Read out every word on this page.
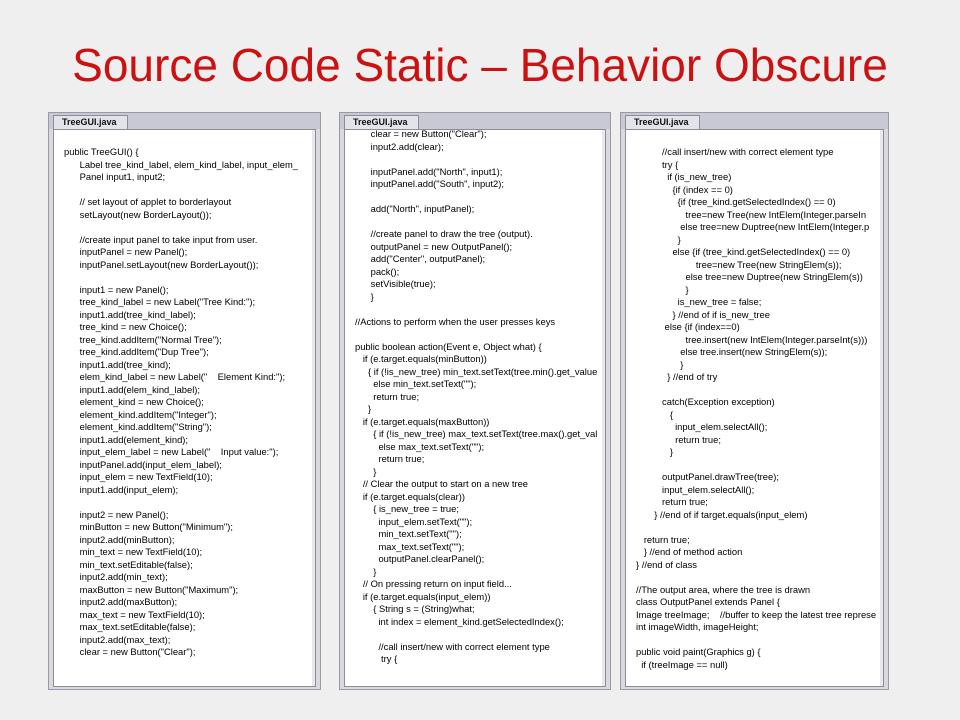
Source Code Static – Behavior Obscure
TreeGUI.java
public TreeGUI() {
Label tree_kind_label, elem_kind_label, input_elem_
Panel input1, input2;

// set layout of applet to borderlayout
setLayout(new BorderLayout());

//create input panel to take input from user.
inputPanel = new Panel();
inputPanel.setLayout(new BorderLayout());

input1 = new Panel();
tree_kind_label = new Label("Tree Kind:");
input1.add(tree_kind_label);
tree_kind = new Choice();
tree_kind.addItem("Normal Tree");
tree_kind.addItem("Dup Tree");
input1.add(tree_kind);
elem_kind_label = new Label("    Element Kind:");
input1.add(elem_kind_label);
element_kind = new Choice();
element_kind.addItem("Integer");
element_kind.addItem("String");
input1.add(element_kind);
input_elem_label = new Label("    Input value:");
inputPanel.add(input_elem_label);
input_elem = new TextField(10);
input1.add(input_elem);

input2 = new Panel();
minButton = new Button("Minimum");
input2.add(minButton);
min_text = new TextField(10);
min_text.setEditable(false);
input2.add(min_text);
maxButton = new Button("Maximum");
input2.add(maxButton);
max_text = new TextField(10);
max_text.setEditable(false);
input2.add(max_text);
clear = new Button("Clear");
TreeGUI.java
clear = new Button("Clear");
input2.add(clear);

inputPanel.add("North", input1);
inputPanel.add("South", input2);

add("North", inputPanel);

//create panel to draw the tree (output).
outputPanel = new OutputPanel();
add("Center", outputPanel);
pack();
setVisible(true);
}

//Actions to perform when the user presses keys

public boolean action(Event e, Object what) {
if (e.target.equals(minButton))
{ if (!is_new_tree) min_text.setText(tree.min().get_value
else min_text.setText("");
return true;
}
if (e.target.equals(maxButton))
{ if (!is_new_tree) max_text.setText(tree.max().get_val
else max_text.setText("");
return true;
}
// Clear the output to start on a new tree
if (e.target.equals(clear))
{ is_new_tree = true;
input_elem.setText("");
min_text.setText("");
max_text.setText("");
outputPanel.clearPanel();
}
// On pressing return on input field...
if (e.target.equals(input_elem))
{ String s = (String)what;
int index = element_kind.getSelectedIndex();

//call insert/new with correct element type
try {
TreeGUI.java
//call insert/new with correct element type
try {
if (is_new_tree)
{if (index == 0)
{if (tree_kind.getSelectedIndex() == 0)
tree=new Tree(new IntElem(Integer.parseIn
else tree=new Duptree(new IntElem(Integer.p
}
else {if (tree_kind.getSelectedIndex() == 0)
tree=new Tree(new StringElem(s));
else tree=new Duptree(new StringElem(s))
}
is_new_tree = false;
} //end of if is_new_tree
else {if (index==0)
tree.insert(new IntElem(Integer.parseInt(s)))
else tree.insert(new StringElem(s));
}
} //end of try

catch(Exception exception)
{
input_elem.selectAll();
return true;
}

outputPanel.drawTree(tree);
input_elem.selectAll();
return true;
} //end of if target.equals(input_elem)

return true;
} //end of method action
} //end of class

//The output area, where the tree is drawn
class OutputPanel extends Panel {
Image treeImage;    //buffer to keep the latest tree represe
int imageWidth, imageHeight;

public void paint(Graphics g) {
if (treeImage == null)
